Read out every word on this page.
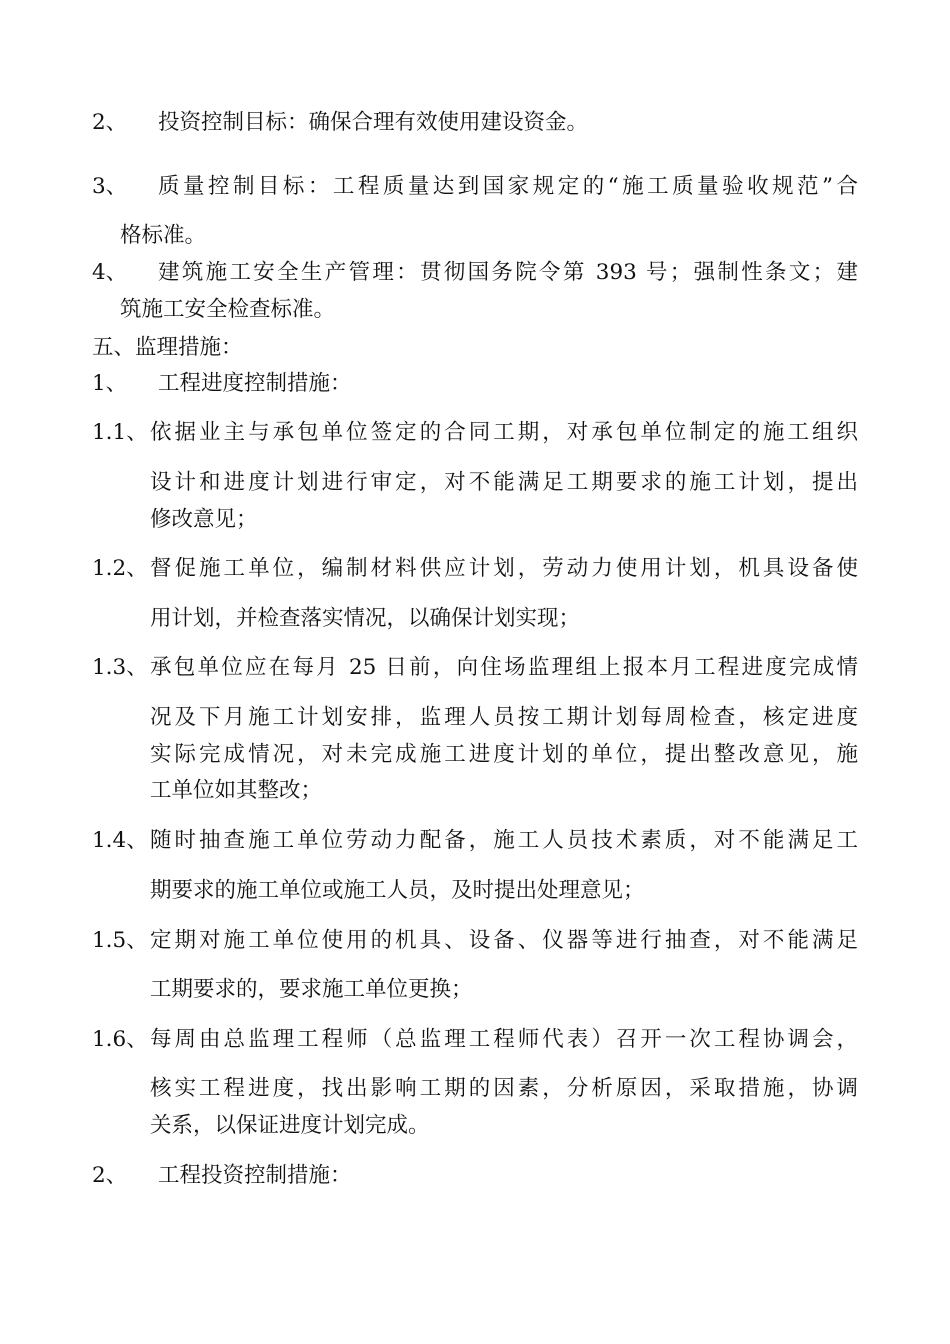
2、 投资控制目标：确保合理有效使用建设资金。
3、 质量控制目标：工程质量达到国家规定的“施工质量验收规范”合
格标准。
4、 建筑施工安全生产管理：贯彻国务院令第 393 号；强制性条文；建
筑施工安全检查标准。
五、监理措施：
1、 工程进度控制措施：
1.1、 依据业主与承包单位签定的合同工期，对承包单位制定的施工组织
设计和进度计划进行审定，对不能满足工期要求的施工计划，提出
修改意见；
1.2、 督促施工单位，编制材料供应计划，劳动力使用计划，机具设备使
用计划，并检查落实情况，以确保计划实现；
1.3、 承包单位应在每月 25 日前，向住场监理组上报本月工程进度完成情
况及下月施工计划安排，监理人员按工期计划每周检查，核定进度
实际完成情况，对未完成施工进度计划的单位，提出整改意见，施
工单位如其整改；
1.4、 随时抽查施工单位劳动力配备，施工人员技术素质，对不能满足工
期要求的施工单位或施工人员，及时提出处理意见；
1.5、 定期对施工单位使用的机具、设备、仪器等进行抽查，对不能满足
工期要求的，要求施工单位更换；
1.6、 每周由总监理工程师（总监理工程师代表）召开一次工程协调会，
核实工程进度，找出影响工期的因素，分析原因，采取措施，协调
关系，以保证进度计划完成。
2、 工程投资控制措施：
